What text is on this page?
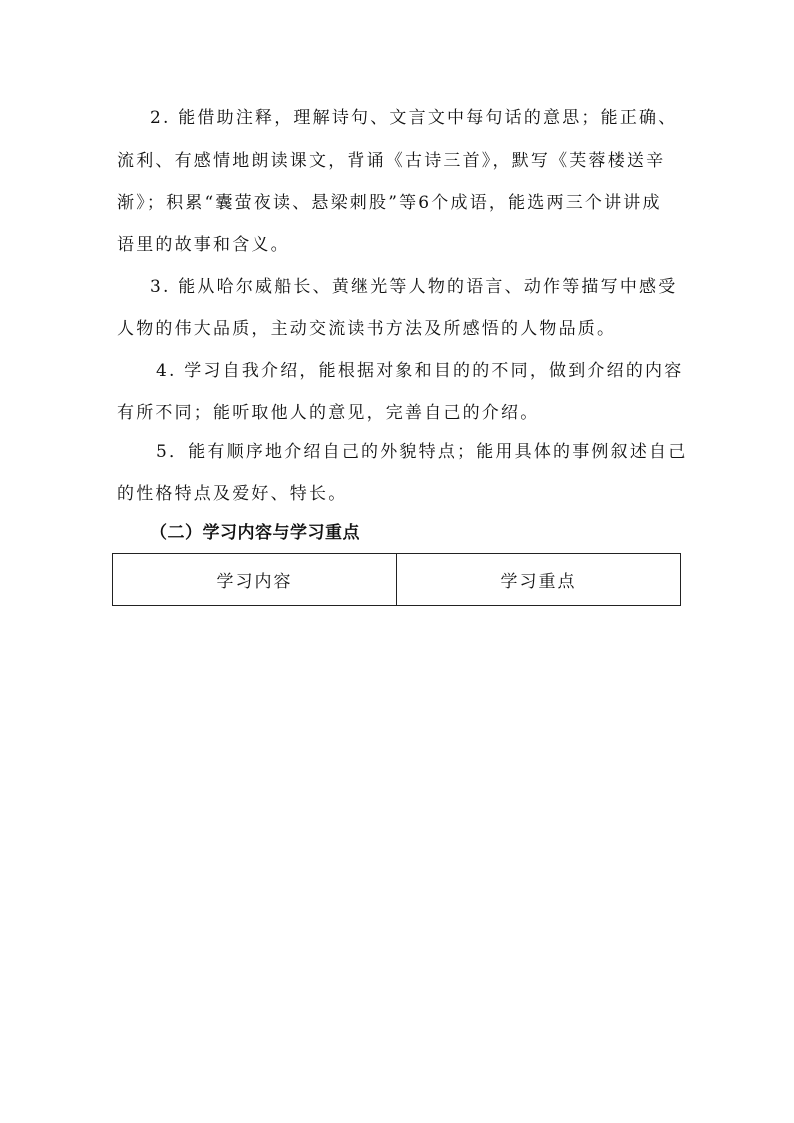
2. 能借助注释，理解诗句、文言文中每句话的意思；能正确、
流利、有感情地朗读课文，背诵《古诗三首》，默写《芙蓉楼送辛
渐》；积累“囊萤夜读、悬梁刺股”等6个成语，能选两三个讲讲成
语里的故事和含义。
3. 能从哈尔威船长、黄继光等人物的语言、动作等描写中感受
人物的伟大品质，主动交流读书方法及所感悟的人物品质。
4. 学习自我介绍，能根据对象和目的的不同，做到介绍的内容
有所不同；能听取他人的意见，完善自己的介绍。
5．能有顺序地介绍自己的外貌特点；能用具体的事例叙述自己
的性格特点及爱好、特长。
（二）学习内容与学习重点
学习内容	学习重点
